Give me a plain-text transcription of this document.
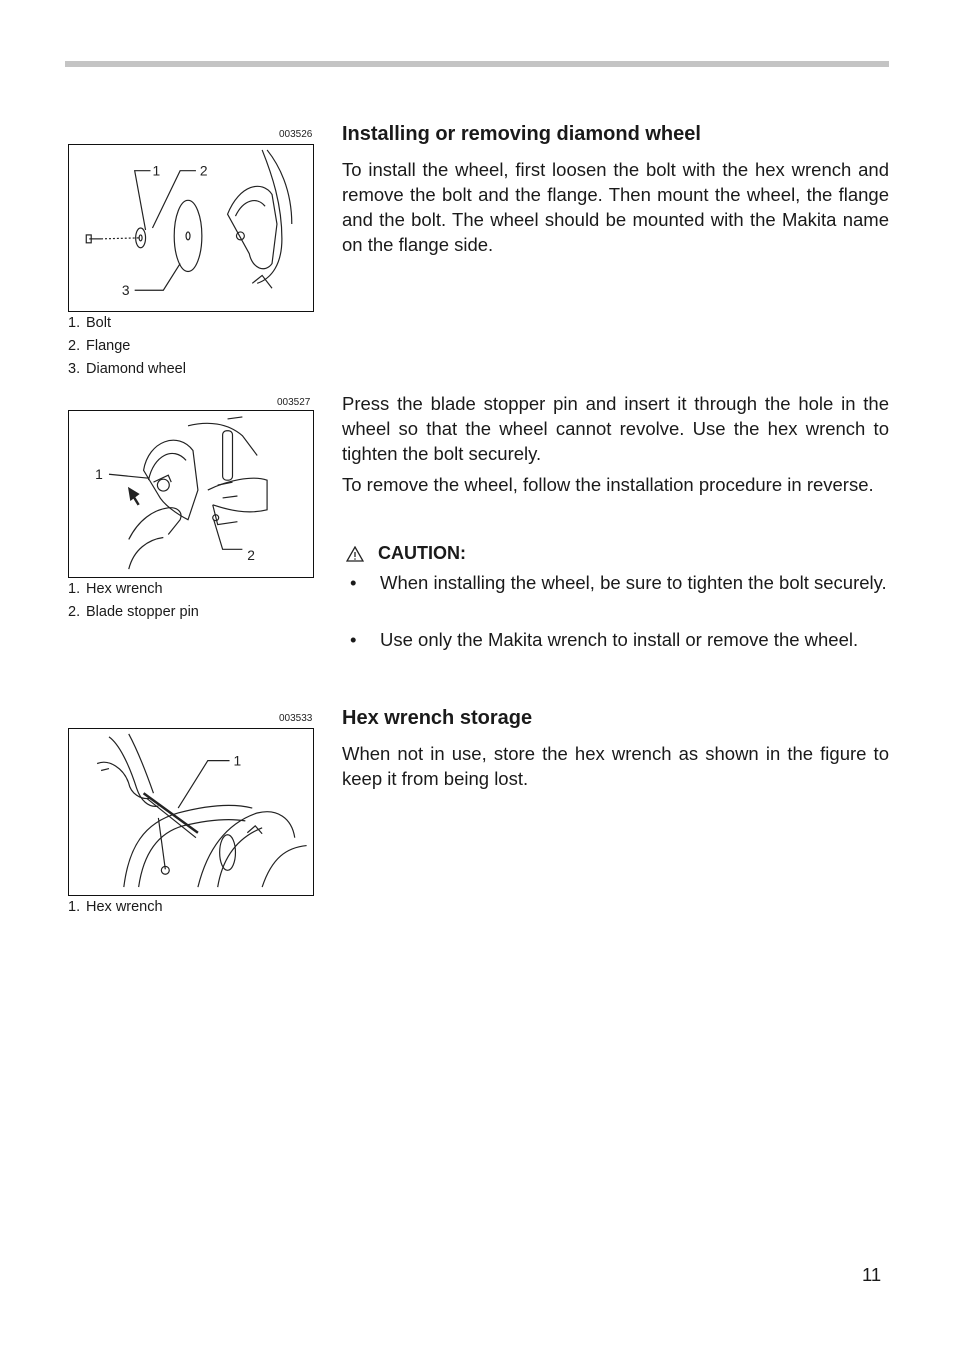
003526
1	2
3
1. Bolt
2. Flange
3. Diamond wheel
Installing or removing diamond wheel

To install the wheel, first loosen the bolt with the hex wrench and remove the bolt and the flange. Then mount the wheel, the flange and the bolt. The wheel should be mounted with the Makita name on the flange side.

003527
1
2
1. Hex wrench
2. Blade stopper pin

Press the blade stopper pin and insert it through the hole in the wheel so that the wheel cannot revolve. Use the hex wrench to tighten the bolt securely.

To remove the wheel, follow the installation procedure in reverse.

CAUTION:
• When installing the wheel, be sure to tighten the bolt securely.
• Use only the Makita wrench to install or remove the wheel.
003533
1
1. Hex wrench
Hex wrench storage

When not in use, store the hex wrench as shown in the figure to keep it from being lost.

11
